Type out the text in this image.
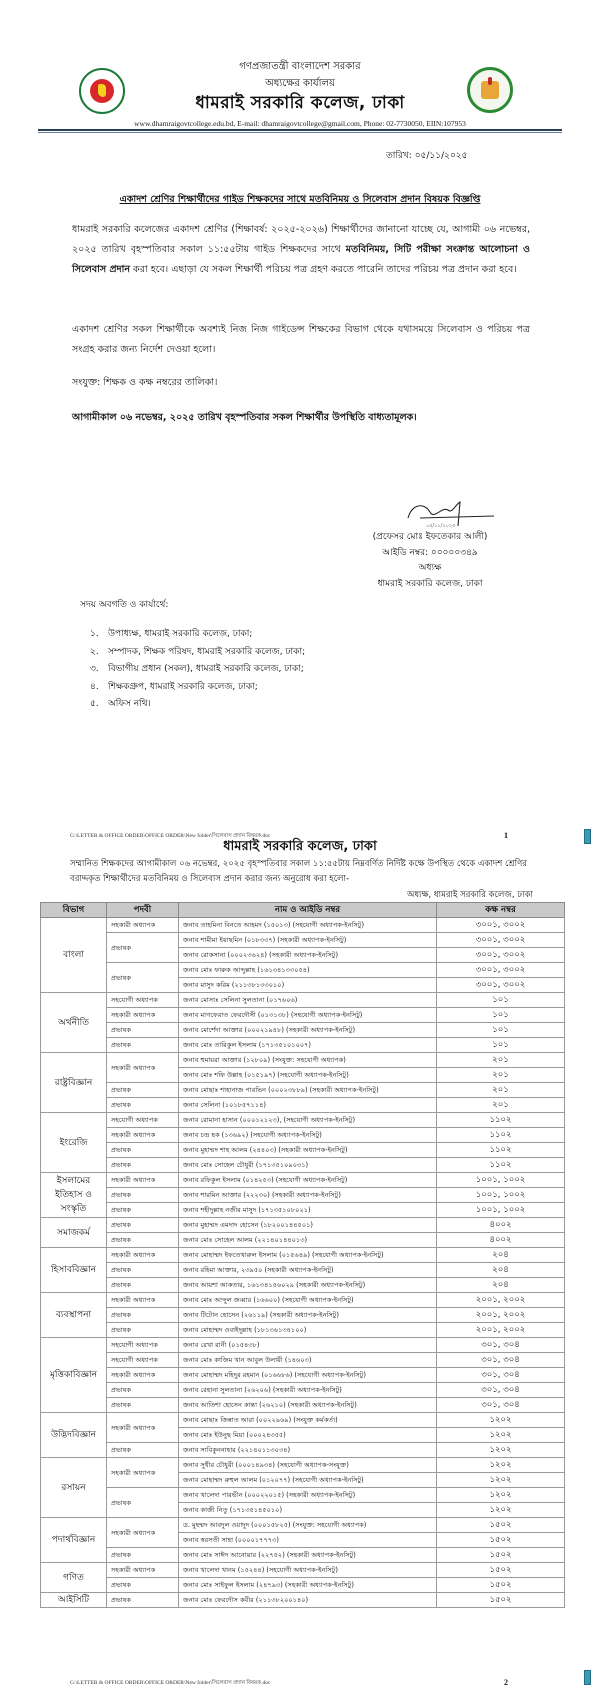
গণপ্রজাতন্ত্রী বাংলাদেশ সরকার
অধ্যক্ষের কার্যালয়
ধামরাই সরকারি কলেজ, ঢাকা
www.dhamraigovtcollege.edu.bd, E-mail: dhamraigovtcollege@gmail.com, Phone: 02-7730050, EIIN:107953
তারিখ: ০৫/১১/২০২৫
একাদশ শ্রেণির শিক্ষার্থীদের গাইড শিক্ষকদের সাথে মতবিনিময় ও সিলেবাস প্রদান বিষয়ক বিজ্ঞপ্তি
ধামরাই সরকারি কলেজের একাদশ শ্রেণির (শিক্ষাবর্ষ: ২০২৫-২০২৬) শিক্ষার্থীদের জানানো যাচ্ছে যে, আগামী ০৬ নভেম্বর, ২০২৫ তারিখ বৃহস্পতিবার সকাল ১১:৫৫টায় গাইড শিক্ষকদের সাথে মতবিনিময়, সিটি পরীক্ষা সংক্রান্ত আলোচনা ও সিলেবাস প্রদান করা হবে। এছাড়া যে সকল শিক্ষার্থী পরিচয় পত্র গ্রহণ করতে পারেনি তাদের পরিচয় পত্র প্রদান করা হবে।
একাদশ শ্রেণির সকল শিক্ষার্থীকে অবশ্যই নিজ নিজ গাইডেন্স শিক্ষকের বিভাগ থেকে যথাসময়ে সিলেবাস ও পরিচয় পত্র সংগ্রহ করার জন্য নির্দেশ দেওয়া হলো।
সংযুক্ত: শিক্ষক ও কক্ষ নম্বরের তালিকা।
আগামীকাল ০৬ নভেম্বর, ২০২৫ তারিখ বৃহস্পতিবার সকল শিক্ষার্থীর উপস্থিতি বাধ্যতামূলক।
০৫/১১/২০২৫
(প্রফেসর মোঃ ইফতেকার আলী)
আইডি নম্বর: ০০০০০৩৪৯
অধ্যক্ষ
ধামরাই সরকারি কলেজ, ঢাকা
সদয় অবগতি ও কার্যার্থে:
১. উপাধ্যক্ষ, ধামরাই সরকারি কলেজ, ঢাকা;
২. সম্পাদক, শিক্ষক পরিষদ, ধামরাই সরকারি কলেজ, ঢাকা;
৩. বিভাগীয় প্রধান (সকল), ধামরাই সরকারি কলেজ, ঢাকা;
৪. শিক্ষকগ্রুপ, ধামরাই সরকারি কলেজ, ঢাকা;
৫. অফিস নথি।
G:\LETTER & OFFICE ORDER\OFFICE ORDER\New folder\সিলেবাস প্রদান বিষয়ক.doc	1
ধামরাই সরকারি কলেজ, ঢাকা
সম্মানিত শিক্ষকদের আগামীকাল ০৬ নভেম্বর, ২০২৫ বৃহস্পতিবার সকাল ১১:৫৫টায় নিম্নবর্ণিত নির্দিষ্ট কক্ষে উপস্থিত থেকে একাদশ শ্রেণির বরাদ্দকৃত শিক্ষার্থীদের মতবিনিময় ও সিলেবাস প্রদান করার জন্য অনুরোধ করা হলো-
অধ্যক্ষ, ধামরাই সরকারি কলেজ, ঢাকা
বিভাগ	পদবী	নাম ও আইডি নম্বর	কক্ষ নম্বর
বাংলা	সহকারী অধ্যাপক	জনাব তাহমিনা বিনতে আহমদ (১৫০১৩) (সহযোগী অধ্যাপক-ইনসিটু)	৩০০১, ৩০০২
	প্রভাষক	জনাব শামীমা ইয়াছমিন (০১৮৩৩৭) (সহকারী অধ্যাপক-ইনসিটু)	৩০০১, ৩০০২
		জনাব রোকসানা (০০০২৩৬২৪) (সহকারী অধ্যাপক-ইনসিটু)	৩০০১, ৩০০২
	প্রভাষক	জনাব মোঃ ফারুক আব্দুল্লাহ (১৬১৩৪১৩৩০৫৪)	৩০০১, ৩০০২
		জনাব মাসুদ করিম (২১১৩৮১৩৩০১০)	৩০০১, ৩০০২
অর্থনীতি	সহযোগী অধ্যাপক	জনাব মোসাঃ সেলিনা সুলতানা (০১৭৬০৬)	১০১
	সহকারী অধ্যাপক	জনাব মাগফেরাত ফেরদৌসী (০১৩১৩৮) (সহযোগী অধ্যাপক-ইনসিটু)	১০১
	প্রভাষক	জনাব মোর্শেদা আক্তার (০০০২১৯৪৮) (সহকারী অধ্যাপক-ইনসিটু)	১০১
	প্রভাষক	জনাব মোঃ তারিকুল ইসলাম (১৭১৩৫১০১০০৭)	১০১
রাষ্ট্রবিজ্ঞান	সহকারী অধ্যাপক	জনাব হুমায়রা আক্তার (১২৮০৯) (সংযুক্ত: সহযোগী অধ্যাপক)	২০১
		জনাব মোঃ শফি উল্লাহ (০১৫১৯৭) (সহযোগী অধ্যাপক-ইনসিটু)	২০১
	প্রভাষক	জনাব মোছাঃ শাহানাজ পারভিন (০০০২৩৮৮৯) (সহকারী অধ্যাপক-ইনসিটু)	২০১
	প্রভাষক	জনাব সেলিনা (১০১৮৫৭১১৪)	২০১
ইংরেজি	সহযোগী অধ্যাপক	জনাব রোমানা হাসান (০০০১২১২৩), (সহযোগী অধ্যাপক-ইনসিটু)	১১০২
	সহকারী অধ্যাপক	জনাব চন্দ্র হক (১৩৬৯২) (সহযোগী অধ্যাপক-ইনসিটু)	১১০২
	প্রভাষক	জনাব মুহাম্মদ শাহ আলম (২৪৪০৩) (সহকারী অধ্যাপক-ইনসিটু)	১১০২
	প্রভাষক	জনাব মোঃ সোহেল চৌধুরী (১৭১৩৫১০৯০৩১)	১১০২
ইসলামের ইতিহাস ও সংস্কৃতি	সহকারী অধ্যাপক	জনাব রফিকুল ইসলাম (০১৪২৫৩) (সহযোগী অধ্যাপক-ইনসিটু)	১০০১, ১০০২
	প্রভাষক	জনাব শারমিন আক্তার (২২২৩০) (সহকারী অধ্যাপক-ইনসিটু)	১০০১, ১০০২
	প্রভাষক	জনাব শহীদুল্লাহ নজীর মাসুদ (১৭১৩৫১০৮০২১)	১০০১, ১০০২
সমাজকর্ম	প্রভাষক	জনাব মুহাম্মদ এমদাদ হোসেন (১৮২০০১৪৪৫০১)	৪০০২
	প্রভাষক	জনাব মোঃ সোহেল আলম (২২১৪০১৪৪০১৩)	৪০০২
হিসাববিজ্ঞান	সহকারী অধ্যাপক	জনাব মোহাম্মদ ইফতেখারুল ইসলাম (০১৫৬৪৯) (সহযোগী অধ্যাপক-ইনসিটু)	২০৪
	প্রভাষক	জনাব রহিমা আক্তার, ২৩৯৫০ (সহকারী অধ্যাপক-ইনসিটু)	২০৪
	প্রভাষক	জনাব আয়শা আকতার, ১৬১৩৪১৫৬০২৯ (সহকারী অধ্যাপক-ইনসিটু)	২০৪
ব্যবস্থাপনা	সহকারী অধ্যাপক	জনাব মোঃ আব্দুল জব্বার (১৬৬০০) (সহযোগী অধ্যাপক-ইনসিটু)	২০০১, ২০০২
	প্রভাষক	জনাব টিটোন হোসেন (২৬১১৯) (সহকারী অধ্যাপক-ইনসিটু)	২০০১, ২০০২
	প্রভাষক	জনাব মোহাম্মদ ওবাইদুল্লাহ (১৮১৩৬১৩৪১০০)	২০০১, ২০০২
মৃত্তিকাবিজ্ঞান	সহযোগী অধ্যাপক	জনাব রেখা রানী (০১৫৪৩৮)	৩০১, ৩০৪
	সহযোগী অধ্যাপক	জনাব মোঃ কাজিম খান আবুল উলায়ী (১৪৬০৩)	৩০১, ৩০৪
	সহকারী অধ্যাপক	জনাব মোহাম্মদ মহিদুর রহমান (০১৬৬৮৬) (সহযোগী অধ্যাপক-ইনসিটু)	৩০১, ৩০৪
	প্রভাষক	জনাব রেহানা সুলতানা (২৬২০৬) (সহকারী অধ্যাপক-ইনসিটু)	৩০১, ৩০৪
	প্রভাষক	জনাব আতিশা হোসেন কান্তা (২৬২১০) (সহকারী অধ্যাপক-ইনসিটু)	৩০১, ৩০৪
উদ্ভিদবিজ্ঞান	সহকারী অধ্যাপক	জনাব মোছাঃ জিন্নাত আরা (০০২২৯৬৯) (সংযুক্ত কর্মকর্তা)	১২০২
		জনাব মোঃ ইউনুছ মিয়া (০০০২৪৩৫৫)	১২০২
	প্রভাষক	জনাব সাবিকুননাহার (২২১৪০১১৩০৩৪)	১২০২
রসায়ন	সহকারী অধ্যাপক	জনাব সুধীর চৌধুরী (০০০১৪৯৩৪) (সহযোগী অধ্যাপক-সংযুক্ত)	১২০২
		জনাব মোহাম্মদ রুহুল আলম (০১২০৭৭) (সহযোগী অধ্যাপক-ইনসিটু)	১২০২
	প্রভাষক	জনাব খালেদা পারভীন (০০০২২০১৫) (সহকারী অধ্যাপক-ইনসিটু)	১২০২
		জনাব কাজী নিতু (১৭১৩৫১৪৫০১০)	১২০২
পদার্থবিজ্ঞান	সহকারী অধ্যাপক	ড. মুহম্মদ আবদুল ওয়াদুদ (০০০১৫৮২৫) (সংযুক্ত: সহযোগী অধ্যাপক)	১৫০২
		জনাব স্বরসতী সাহা (০০০০১৭৭৭৩)	১৫০২
	প্রভাষক	জনাব মোঃ সাঈদ আনোয়ার (২২৭৫২) (সহকারী অধ্যাপক-ইনসিটু)	১৫০২
গণিত	সহকারী অধ্যাপক	জনাব খালেদা খানম (১৫২৪৪) (সহযোগী অধ্যাপক-ইনসিটু)	১৫০২
	প্রভাষক	জনাব মোঃ সাইফুল ইসলাম (২৪৭৯৩) (সহকারী অধ্যাপক-ইনসিটু)	১৫০২
আইসিটি	প্রভাষক	জনাব মোঃ ফেরদৌস কবীর (২১১৩৮২০০১৪০)	১৫০২
G:\LETTER & OFFICE ORDER\OFFICE ORDER\New folder\সিলেবাস প্রদান বিষয়ক.doc	2
